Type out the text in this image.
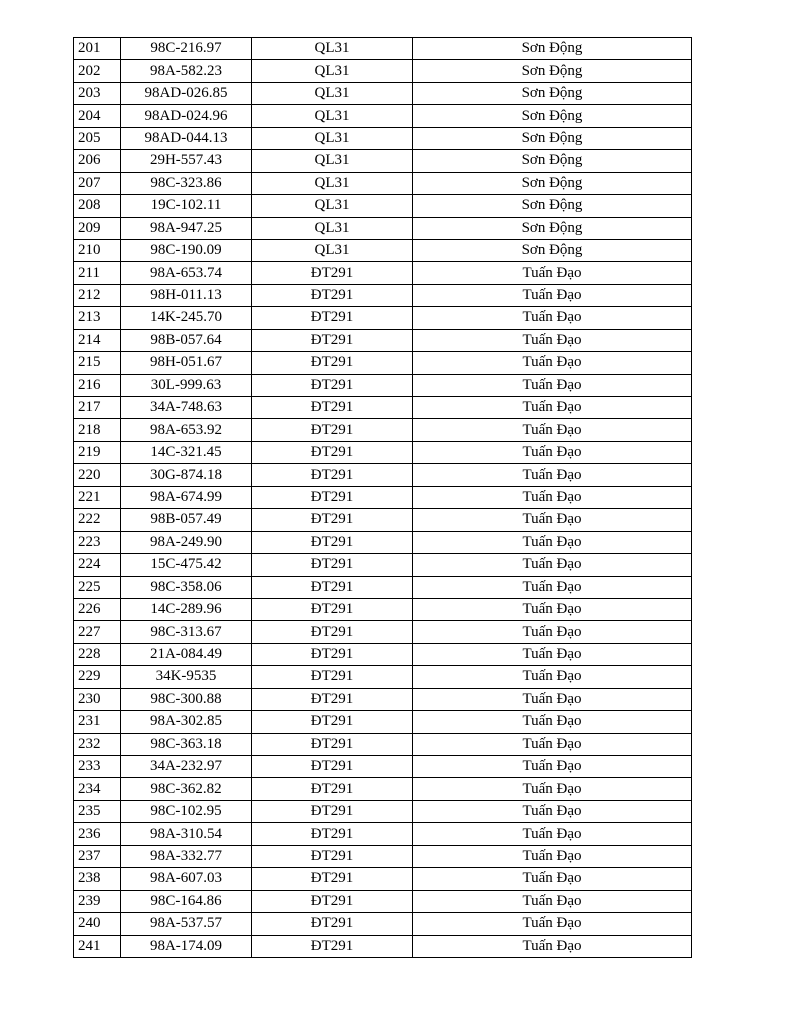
201	98C-216.97	QL31	Sơn Động
202	98A-582.23	QL31	Sơn Động
203	98AD-026.85	QL31	Sơn Động
204	98AD-024.96	QL31	Sơn Động
205	98AD-044.13	QL31	Sơn Động
206	29H-557.43	QL31	Sơn Động
207	98C-323.86	QL31	Sơn Động
208	19C-102.11	QL31	Sơn Động
209	98A-947.25	QL31	Sơn Động
210	98C-190.09	QL31	Sơn Động
211	98A-653.74	ĐT291	Tuấn Đạo
212	98H-011.13	ĐT291	Tuấn Đạo
213	14K-245.70	ĐT291	Tuấn Đạo
214	98B-057.64	ĐT291	Tuấn Đạo
215	98H-051.67	ĐT291	Tuấn Đạo
216	30L-999.63	ĐT291	Tuấn Đạo
217	34A-748.63	ĐT291	Tuấn Đạo
218	98A-653.92	ĐT291	Tuấn Đạo
219	14C-321.45	ĐT291	Tuấn Đạo
220	30G-874.18	ĐT291	Tuấn Đạo
221	98A-674.99	ĐT291	Tuấn Đạo
222	98B-057.49	ĐT291	Tuấn Đạo
223	98A-249.90	ĐT291	Tuấn Đạo
224	15C-475.42	ĐT291	Tuấn Đạo
225	98C-358.06	ĐT291	Tuấn Đạo
226	14C-289.96	ĐT291	Tuấn Đạo
227	98C-313.67	ĐT291	Tuấn Đạo
228	21A-084.49	ĐT291	Tuấn Đạo
229	34K-9535	ĐT291	Tuấn Đạo
230	98C-300.88	ĐT291	Tuấn Đạo
231	98A-302.85	ĐT291	Tuấn Đạo
232	98C-363.18	ĐT291	Tuấn Đạo
233	34A-232.97	ĐT291	Tuấn Đạo
234	98C-362.82	ĐT291	Tuấn Đạo
235	98C-102.95	ĐT291	Tuấn Đạo
236	98A-310.54	ĐT291	Tuấn Đạo
237	98A-332.77	ĐT291	Tuấn Đạo
238	98A-607.03	ĐT291	Tuấn Đạo
239	98C-164.86	ĐT291	Tuấn Đạo
240	98A-537.57	ĐT291	Tuấn Đạo
241	98A-174.09	ĐT291	Tuấn Đạo
